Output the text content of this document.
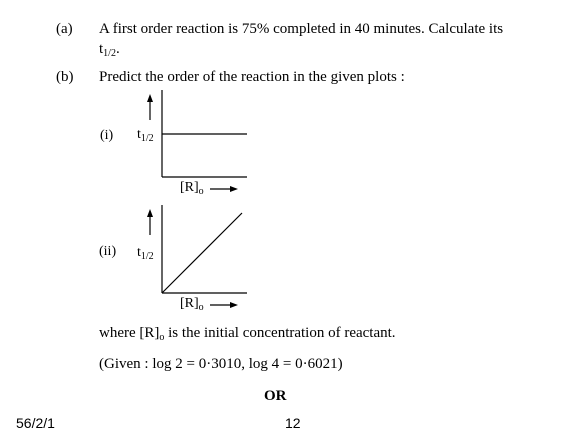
(a) A first order reaction is 75% completed in 40 minutes. Calculate its
$t_{1/2}$.
(b) Predict the order of the reaction in the given plots :
(i) $t_{1/2}$
$[R]_o$
(ii) $t_{1/2}$
$[R]_o$
where $[R]_o$ is the initial concentration of reactant.
(Given : log 2 = 0·3010, log 4 = 0·6021)
OR
56/2/1	12
